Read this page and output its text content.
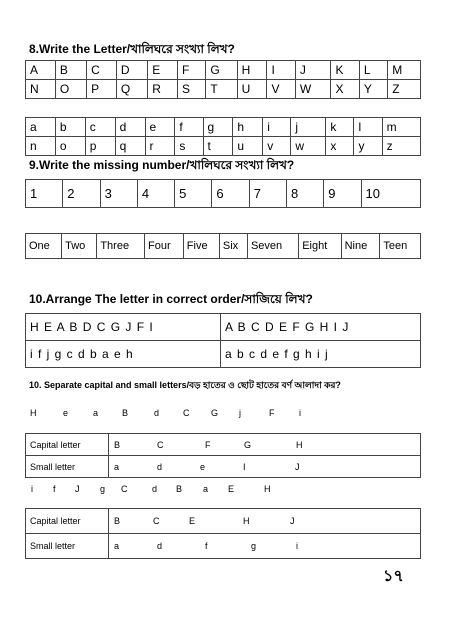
8.Write the Letter/খালিঘরে সংখ্যা লিখ?
A	B	C	D	E	F	G	H	I	J	K	L	M
N	O	P	Q	R	S	T	U	V	W	X	Y	Z
a	b	c	d	e	f	g	h	i	j	k	l	m
n	o	p	q	r	s	t	u	v	w	x	y	z
9.Write the missing number/খালিঘরে সংখ্যা লিখ?
1	2	3	4	5	6	7	8	9	10
One	Two	Three	Four	Five	Six	Seven	Eight	Nine	Teen
10.Arrange The letter in correct order/সাজিয়ে লিখ?
H E A B D C G J F I	A B C D E F G H I J
i f j g c d b a e h	a b c d e f g h i j
10. Separate capital and small letters/বড় হাতের ও ছোট হাতের বর্ণ আলাদা কর?
H	e	a	B	d	C G j	F	i
Capital letter	B C F G H

Small letter	a d e I J
i f J g C	d B a E	H
Capital letter	B C E H J

Small letter	a d f g i
১৭
